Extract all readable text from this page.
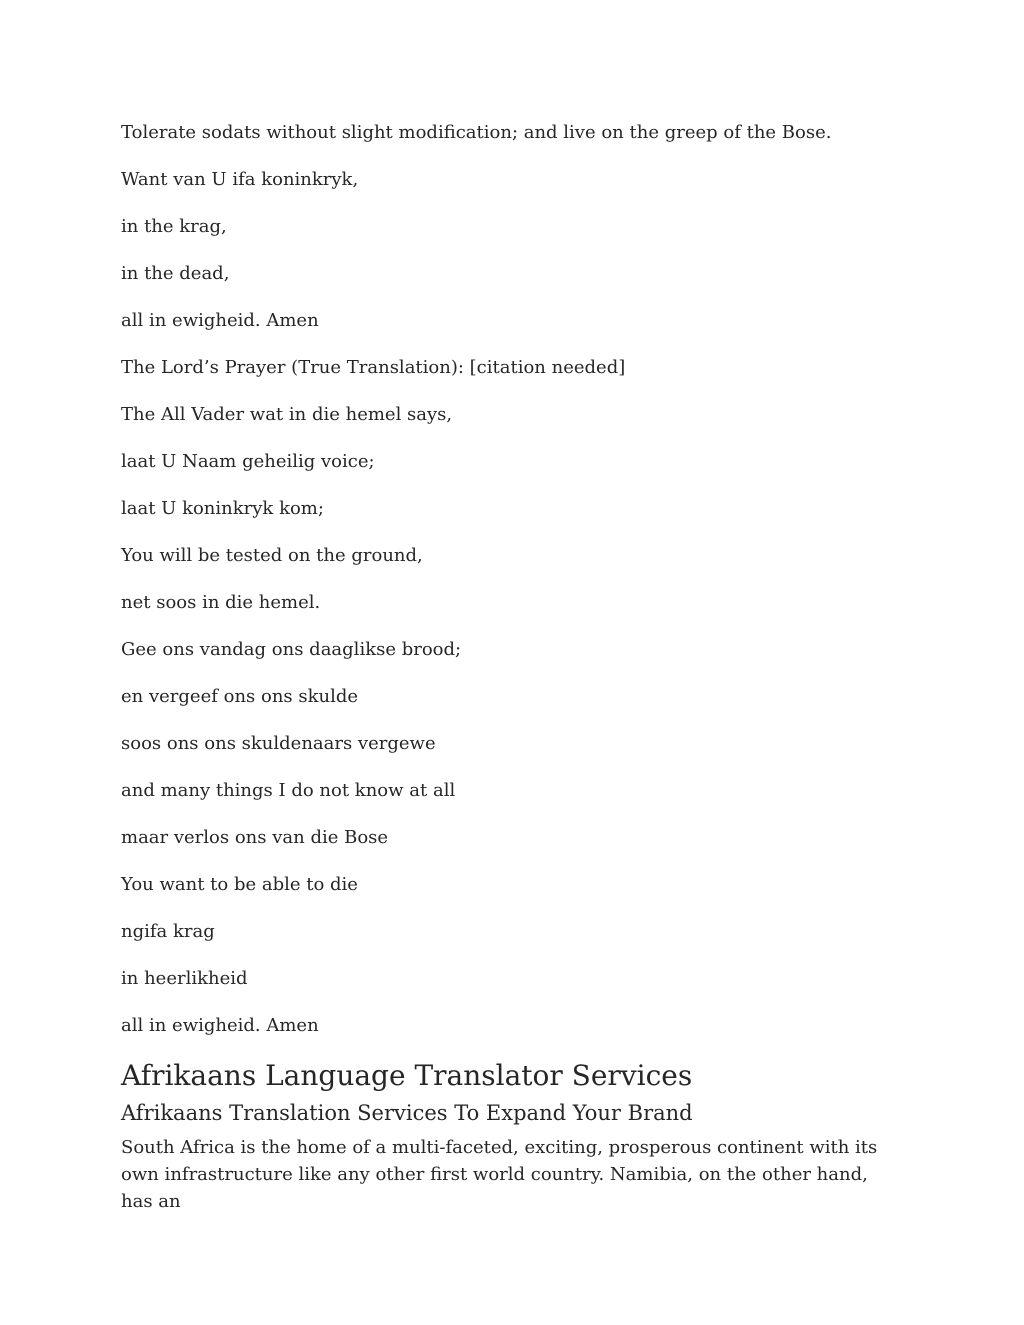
Tolerate sodats without slight modification; and live on the greep of the Bose.
Want van U ifa koninkryk,
in the krag,
in the dead,
all in ewigheid. Amen
The Lord’s Prayer (True Translation): [citation needed]
The All Vader wat in die hemel says,
laat U Naam geheilig voice;
laat U koninkryk kom;
You will be tested on the ground,
net soos in die hemel.
Gee ons vandag ons daaglikse brood;
en vergeef ons ons skulde
soos ons ons skuldenaars vergewe
and many things I do not know at all
maar verlos ons van die Bose
You want to be able to die
ngifa krag
in heerlikheid
all in ewigheid. Amen
Afrikaans Language Translator Services
Afrikaans Translation Services To Expand Your Brand

South Africa is the home of a multi-faceted, exciting, prosperous continent with its own infrastructure like any other first world country. Namibia, on the other hand, has an
